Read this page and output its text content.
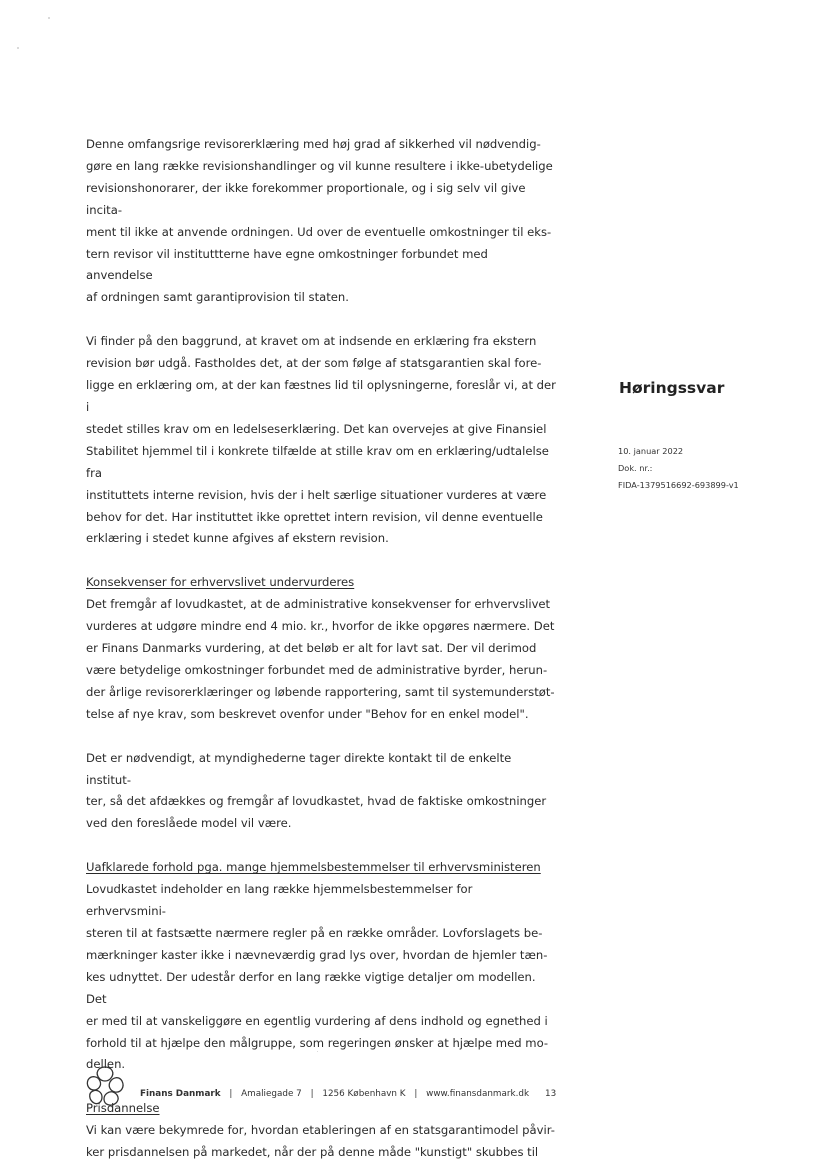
Denne omfangsrige revisorerklæring med høj grad af sikkerhed vil nødvendig-
gøre en lang række revisionshandlinger og vil kunne resultere i ikke-ubetydelige
revisionshonorarer, der ikke forekommer proportionale, og i sig selv vil give incita-
ment til ikke at anvende ordningen. Ud over de eventuelle omkostninger til eks-
tern revisor vil instituttterne have egne omkostninger forbundet med anvendelse
af ordningen samt garantiprovision til staten.

Vi finder på den baggrund, at kravet om at indsende en erklæring fra ekstern
revision bør udgå. Fastholdes det, at der som følge af statsgarantien skal fore-
ligge en erklæring om, at der kan fæstnes lid til oplysningerne, foreslår vi, at der i
stedet stilles krav om en ledelseserklæring. Det kan overvejes at give Finansiel
Stabilitet hjemmel til i konkrete tilfælde at stille krav om en erklæring/udtalelse fra
instituttets interne revision, hvis der i helt særlige situationer vurderes at være
behov for det. Har instituttet ikke oprettet intern revision, vil denne eventuelle
erklæring i stedet kunne afgives af ekstern revision.

Konsekvenser for erhvervslivet undervurderes

Det fremgår af lovudkastet, at de administrative konsekvenser for erhvervslivet
vurderes at udgøre mindre end 4 mio. kr., hvorfor de ikke opgøres nærmere. Det
er Finans Danmarks vurdering, at det beløb er alt for lavt sat. Der vil derimod
være betydelige omkostninger forbundet med de administrative byrder, herun-
der årlige revisorerklæringer og løbende rapportering, samt til systemunderstøt-
telse af nye krav, som beskrevet ovenfor under "Behov for en enkel model".

Det er nødvendigt, at myndighederne tager direkte kontakt til de enkelte institut-
ter, så det afdækkes og fremgår af lovudkastet, hvad de faktiske omkostninger
ved den foreslåede model vil være.

Uafklarede forhold pga. mange hjemmelsbestemmelser til erhvervsministeren

Lovudkastet indeholder en lang række hjemmelsbestemmelser for erhvervsmini-
steren til at fastsætte nærmere regler på en række områder. Lovforslagets be-
mærkninger kaster ikke i nævneværdig grad lys over, hvordan de hjemler tæn-
kes udnyttet. Der udestår derfor en lang række vigtige detaljer om modellen. Det
er med til at vanskeliggøre en egentlig vurdering af dens indhold og egnethed i
forhold til at hjælpe den målgruppe, som regeringen ønsker at hjælpe med mo-
dellen.

Prisdannelse

Vi kan være bekymrede for, hvordan etableringen af en statsgarantimodel påvir-
ker prisdannelsen på markedet, når der på denne måde "kunstigt" skubbes til

Høringssvar
10. januar 2022
Dok. nr.:
FIDA-1379516692-693899-v1
Finans Danmark | Amaliegade 7 | 1256 København K | www.finansdanmark.dk 13
